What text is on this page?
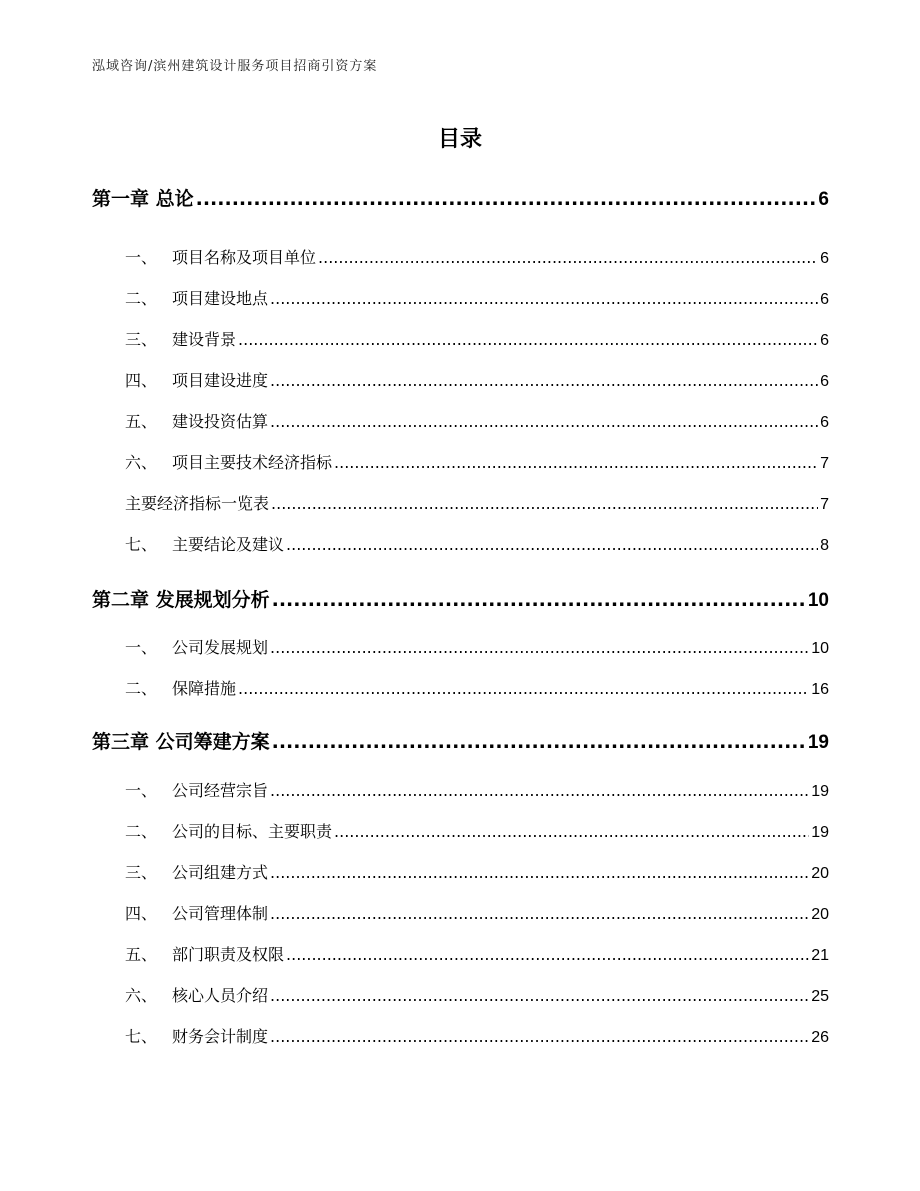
泓域咨询/滨州建筑设计服务项目招商引资方案
目录
第一章 总论 .....	6
一、 项目名称及项目单位 .....	6
二、 项目建设地点 .....	6
三、 建设背景 .....	6
四、 项目建设进度 .....	6
五、 建设投资估算 .....	6
六、 项目主要技术经济指标 .....	7
主要经济指标一览表 .....	7
七、 主要结论及建议 .....	8
第二章 发展规划分析 .....	10
一、 公司发展规划 .....	10
二、 保障措施 .....	16
第三章 公司筹建方案 .....	19
一、 公司经营宗旨 .....	19
二、 公司的目标、主要职责 .....	19
三、 公司组建方式 .....	20
四、 公司管理体制 .....	20
五、 部门职责及权限 .....	21
六、 核心人员介绍 .....	25
七、 财务会计制度 .....	26
